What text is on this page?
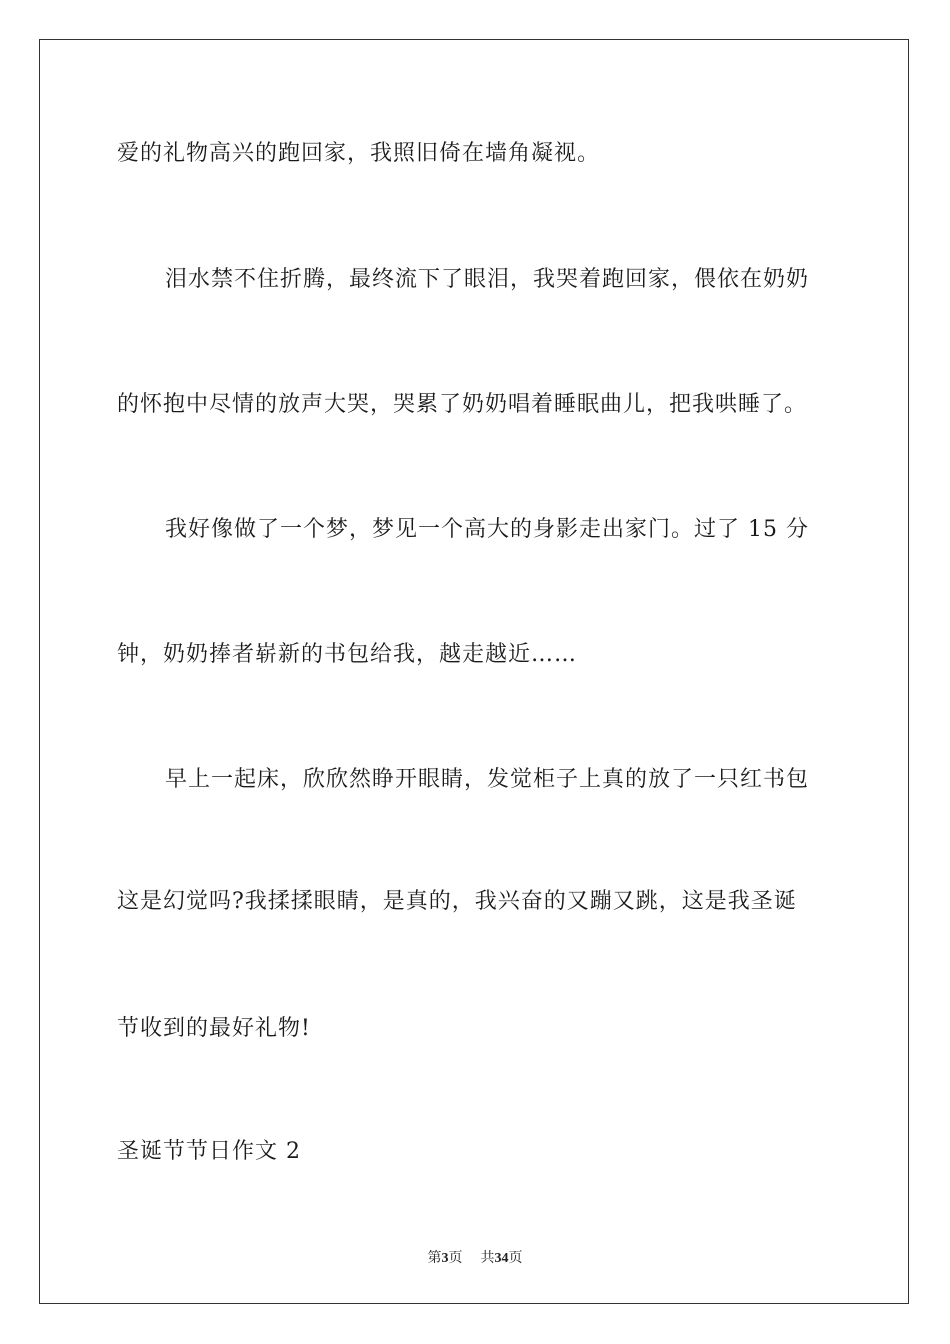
爱的礼物高兴的跑回家，我照旧倚在墙角凝视。
泪水禁不住折腾，最终流下了眼泪，我哭着跑回家，偎依在奶奶
的怀抱中尽情的放声大哭，哭累了奶奶唱着睡眠曲儿，把我哄睡了。
我好像做了一个梦，梦见一个高大的身影走出家门。过了 15 分
钟，奶奶捧者崭新的书包给我，越走越近……
早上一起床，欣欣然睁开眼睛，发觉柜子上真的放了一只红书包
这是幻觉吗?我揉揉眼睛，是真的，我兴奋的又蹦又跳，这是我圣诞
节收到的最好礼物!
圣诞节节日作文 2
第3页 共34页
